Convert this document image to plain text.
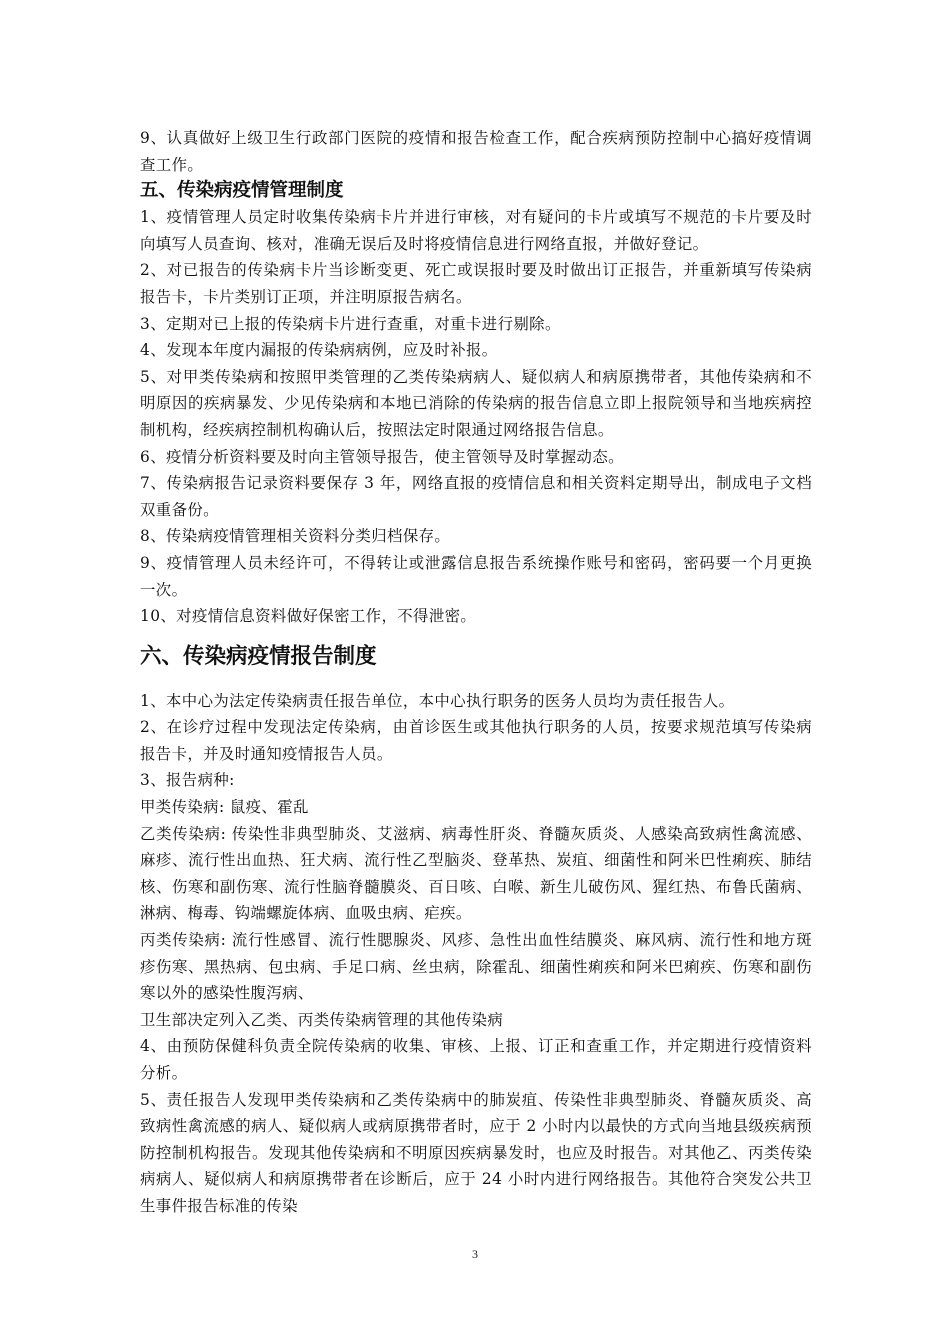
9、认真做好上级卫生行政部门医院的疫情和报告检查工作，配合疾病预防控制中心搞好疫情调查工作。

五、传染病疫情管理制度

1、疫情管理人员定时收集传染病卡片并进行审核，对有疑问的卡片或填写不规范的卡片要及时向填写人员查询、核对，准确无误后及时将疫情信息进行网络直报，并做好登记。

2、对已报告的传染病卡片当诊断变更、死亡或误报时要及时做出订正报告，并重新填写传染病报告卡，卡片类别订正项，并注明原报告病名。

3、定期对已上报的传染病卡片进行查重，对重卡进行剔除。

4、发现本年度内漏报的传染病病例，应及时补报。

5、对甲类传染病和按照甲类管理的乙类传染病病人、疑似病人和病原携带者，其他传染病和不明原因的疾病暴发、少见传染病和本地已消除的传染病的报告信息立即上报院领导和当地疾病控制机构，经疾病控制机构确认后，按照法定时限通过网络报告信息。

6、疫情分析资料要及时向主管领导报告，使主管领导及时掌握动态。

7、传染病报告记录资料要保存 3 年，网络直报的疫情信息和相关资料定期导出，制成电子文档双重备份。

8、传染病疫情管理相关资料分类归档保存。

9、疫情管理人员未经许可，不得转让或泄露信息报告系统操作账号和密码，密码要一个月更换一次。

10、对疫情信息资料做好保密工作，不得泄密。

六、传染病疫情报告制度

1、本中心为法定传染病责任报告单位，本中心执行职务的医务人员均为责任报告人。

2、在诊疗过程中发现法定传染病，由首诊医生或其他执行职务的人员，按要求规范填写传染病报告卡，并及时通知疫情报告人员。

3、报告病种:

甲类传染病: 鼠疫、霍乱

乙类传染病: 传染性非典型肺炎、艾滋病、病毒性肝炎、脊髓灰质炎、人感染高致病性禽流感、麻疹、流行性出血热、狂犬病、流行性乙型脑炎、登革热、炭疽、细菌性和阿米巴性痢疾、肺结核、伤寒和副伤寒、流行性脑脊髓膜炎、百日咳、白喉、新生儿破伤风、猩红热、布鲁氏菌病、淋病、梅毒、钩端螺旋体病、血吸虫病、疟疾。

丙类传染病: 流行性感冒、流行性腮腺炎、风疹、急性出血性结膜炎、麻风病、流行性和地方斑疹伤寒、黑热病、包虫病、手足口病、丝虫病，除霍乱、细菌性痢疾和阿米巴痢疾、伤寒和副伤寒以外的感染性腹泻病、

卫生部决定列入乙类、丙类传染病管理的其他传染病

4、由预防保健科负责全院传染病的收集、审核、上报、订正和查重工作，并定期进行疫情资料分析。

5、责任报告人发现甲类传染病和乙类传染病中的肺炭疽、传染性非典型肺炎、脊髓灰质炎、高致病性禽流感的病人、疑似病人或病原携带者时，应于 2 小时内以最快的方式向当地县级疾病预防控制机构报告。发现其他传染病和不明原因疾病暴发时，也应及时报告。对其他乙、丙类传染病病人、疑似病人和病原携带者在诊断后，应于 24 小时内进行网络报告。其他符合突发公共卫生事件报告标准的传染

3
